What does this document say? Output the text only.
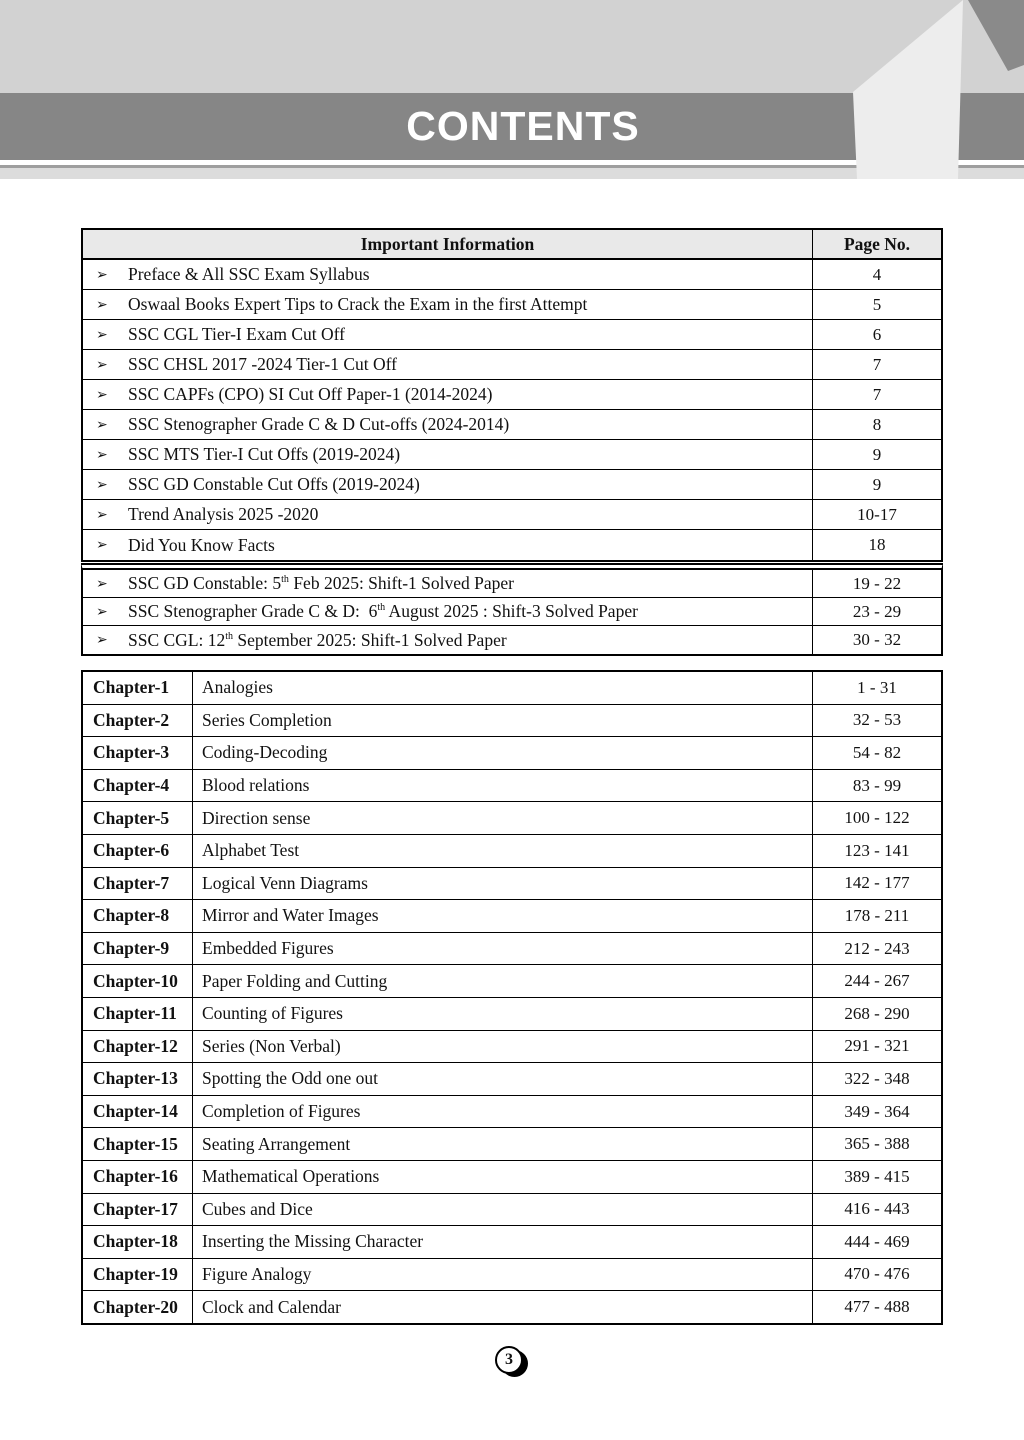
CONTENTS
Important Information	Page No.
➢	Preface & All SSC Exam Syllabus	4
➢	Oswaal Books Expert Tips to Crack the Exam in the first Attempt	5
➢	SSC CGL Tier-I Exam Cut Off	6
➢	SSC CHSL 2017 -2024 Tier-1 Cut Off	7
➢	SSC CAPFs (CPO) SI Cut Off Paper-1 (2014-2024)	7
➢	SSC Stenographer Grade C & D Cut-offs (2024-2014)	8
➢	SSC MTS Tier-I Cut Offs (2019-2024)	9
➢	SSC GD Constable Cut Offs (2019-2024)	9
➢	Trend Analysis 2025 -2020	10-17
➢	Did You Know Facts	18
➢	SSC GD Constable: 5th Feb 2025: Shift-1 Solved Paper	19 - 22
➢	SSC Stenographer Grade C & D:  6th August 2025 : Shift-3 Solved Paper	23 - 29
➢	SSC CGL: 12th September 2025: Shift-1 Solved Paper	30 - 32
Chapter-1	Analogies	1 - 31
Chapter-2	Series Completion	32 - 53
Chapter-3	Coding-Decoding	54 - 82
Chapter-4	Blood relations	83 - 99
Chapter-5	Direction sense	100 - 122
Chapter-6	Alphabet Test	123 - 141
Chapter-7	Logical Venn Diagrams	142 - 177
Chapter-8	Mirror and Water Images	178 - 211
Chapter-9	Embedded Figures	212 - 243
Chapter-10	Paper Folding and Cutting	244 - 267
Chapter-11	Counting of Figures	268 - 290
Chapter-12	Series (Non Verbal)	291 - 321
Chapter-13	Spotting the Odd one out	322 - 348
Chapter-14	Completion of Figures	349 - 364
Chapter-15	Seating Arrangement	365 - 388
Chapter-16	Mathematical Operations	389 - 415
Chapter-17	Cubes and Dice	416 - 443
Chapter-18	Inserting the Missing Character	444 - 469
Chapter-19	Figure Analogy	470 - 476
Chapter-20	Clock and Calendar	477 - 488
3
